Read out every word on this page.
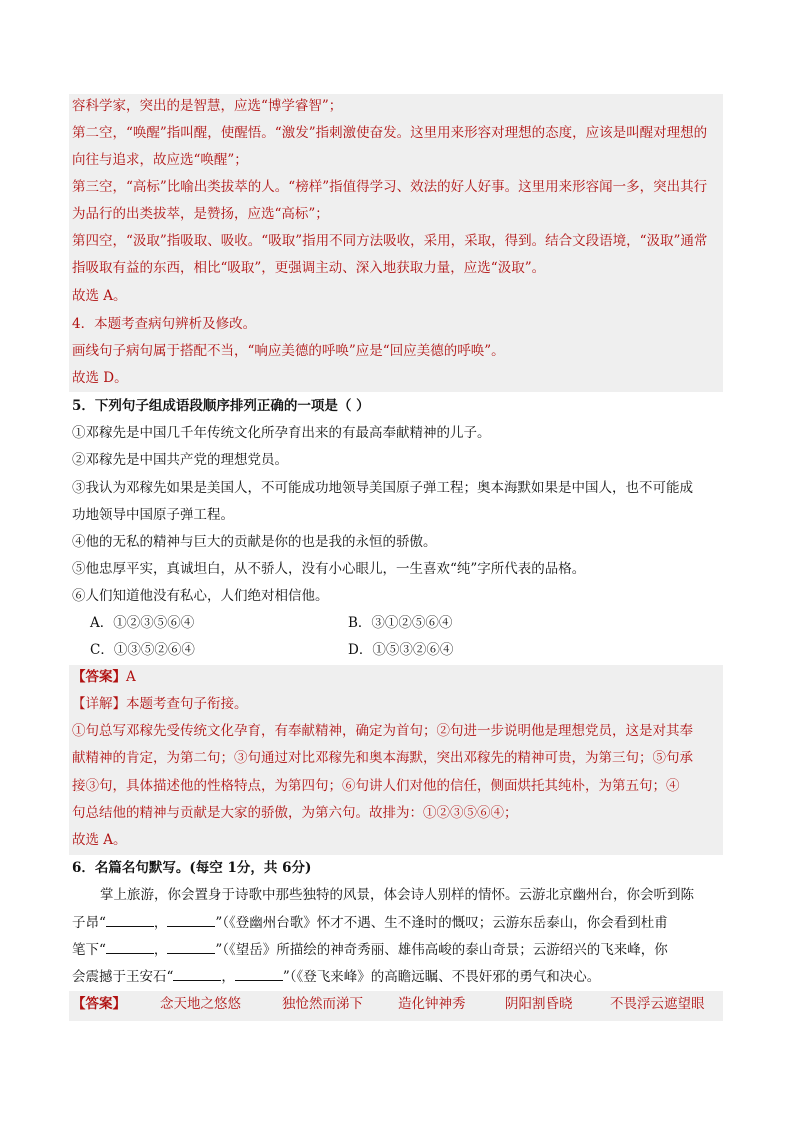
容科学家，突出的是智慧，应选“博学睿智”；
第二空，“唤醒”指叫醒，使醒悟。“激发”指刺激使奋发。这里用来形容对理想的态度，应该是叫醒对理想的
向往与追求，故应选“唤醒”；
第三空，“高标”比喻出类拔萃的人。“榜样”指值得学习、效法的好人好事。这里用来形容闻一多，突出其行
为品行的出类拔萃，是赞扬，应选“高标”；
第四空，“汲取”指吸取、吸收。“吸取”指用不同方法吸收，采用，采取，得到。结合文段语境，“汲取”通常
指吸取有益的东西，相比“吸取”，更强调主动、深入地获取力量，应选“汲取”。
故选 A。
4．本题考查病句辨析及修改。
画线句子病句属于搭配不当，“响应美德的呼唤”应是“回应美德的呼唤”。
故选 D。
5．下列句子组成语段顺序排列正确的一项是（ ）
①邓稼先是中国几千年传统文化所孕育出来的有最高奉献精神的儿子。
②邓稼先是中国共产党的理想党员。
③我认为邓稼先如果是美国人，不可能成功地领导美国原子弹工程；奥本海默如果是中国人，也不可能成
功地领导中国原子弹工程。
④他的无私的精神与巨大的贡献是你的也是我的永恒的骄傲。
⑤他忠厚平实，真诚坦白，从不骄人，没有小心眼儿，一生喜欢“纯”字所代表的品格。
⑥人们知道他没有私心，人们绝对相信他。
A．①②③⑤⑥④	B．③①②⑤⑥④
C．①③⑤②⑥④	D．①⑤③②⑥④
【答案】A
【详解】本题考查句子衔接。
①句总写邓稼先受传统文化孕育，有奉献精神，确定为首句；②句进一步说明他是理想党员，这是对其奉
献精神的肯定，为第二句；③句通过对比邓稼先和奥本海默，突出邓稼先的精神可贵，为第三句；⑤句承
接③句，具体描述他的性格特点，为第四句；⑥句讲人们对他的信任，侧面烘托其纯朴，为第五句；④
句总结他的精神与贡献是大家的骄傲，为第六句。故排为：①②③⑤⑥④；
故选 A。
6．名篇名句默写。(每空 1分，共 6分)
掌上旅游，你会置身于诗歌中那些独特的风景，体会诗人别样的情怀。云游北京幽州台，你会听到陈
子昂“	，	”（《登幽州台歌》怀才不遇、生不逢时的慨叹；云游东岳泰山，你会看到杜甫
笔下“	，	”（《望岳》所描绘的神奇秀丽、雄伟高峻的泰山奇景；云游绍兴的飞来峰，你
会震撼于王安石“	，	”（《登飞来峰》的高瞻远瞩、不畏奸邪的勇气和决心。
【答案】	念天地之悠悠	独怆然而涕下	造化钟神秀	阴阳割昏晓	不畏浮云遮望眼
